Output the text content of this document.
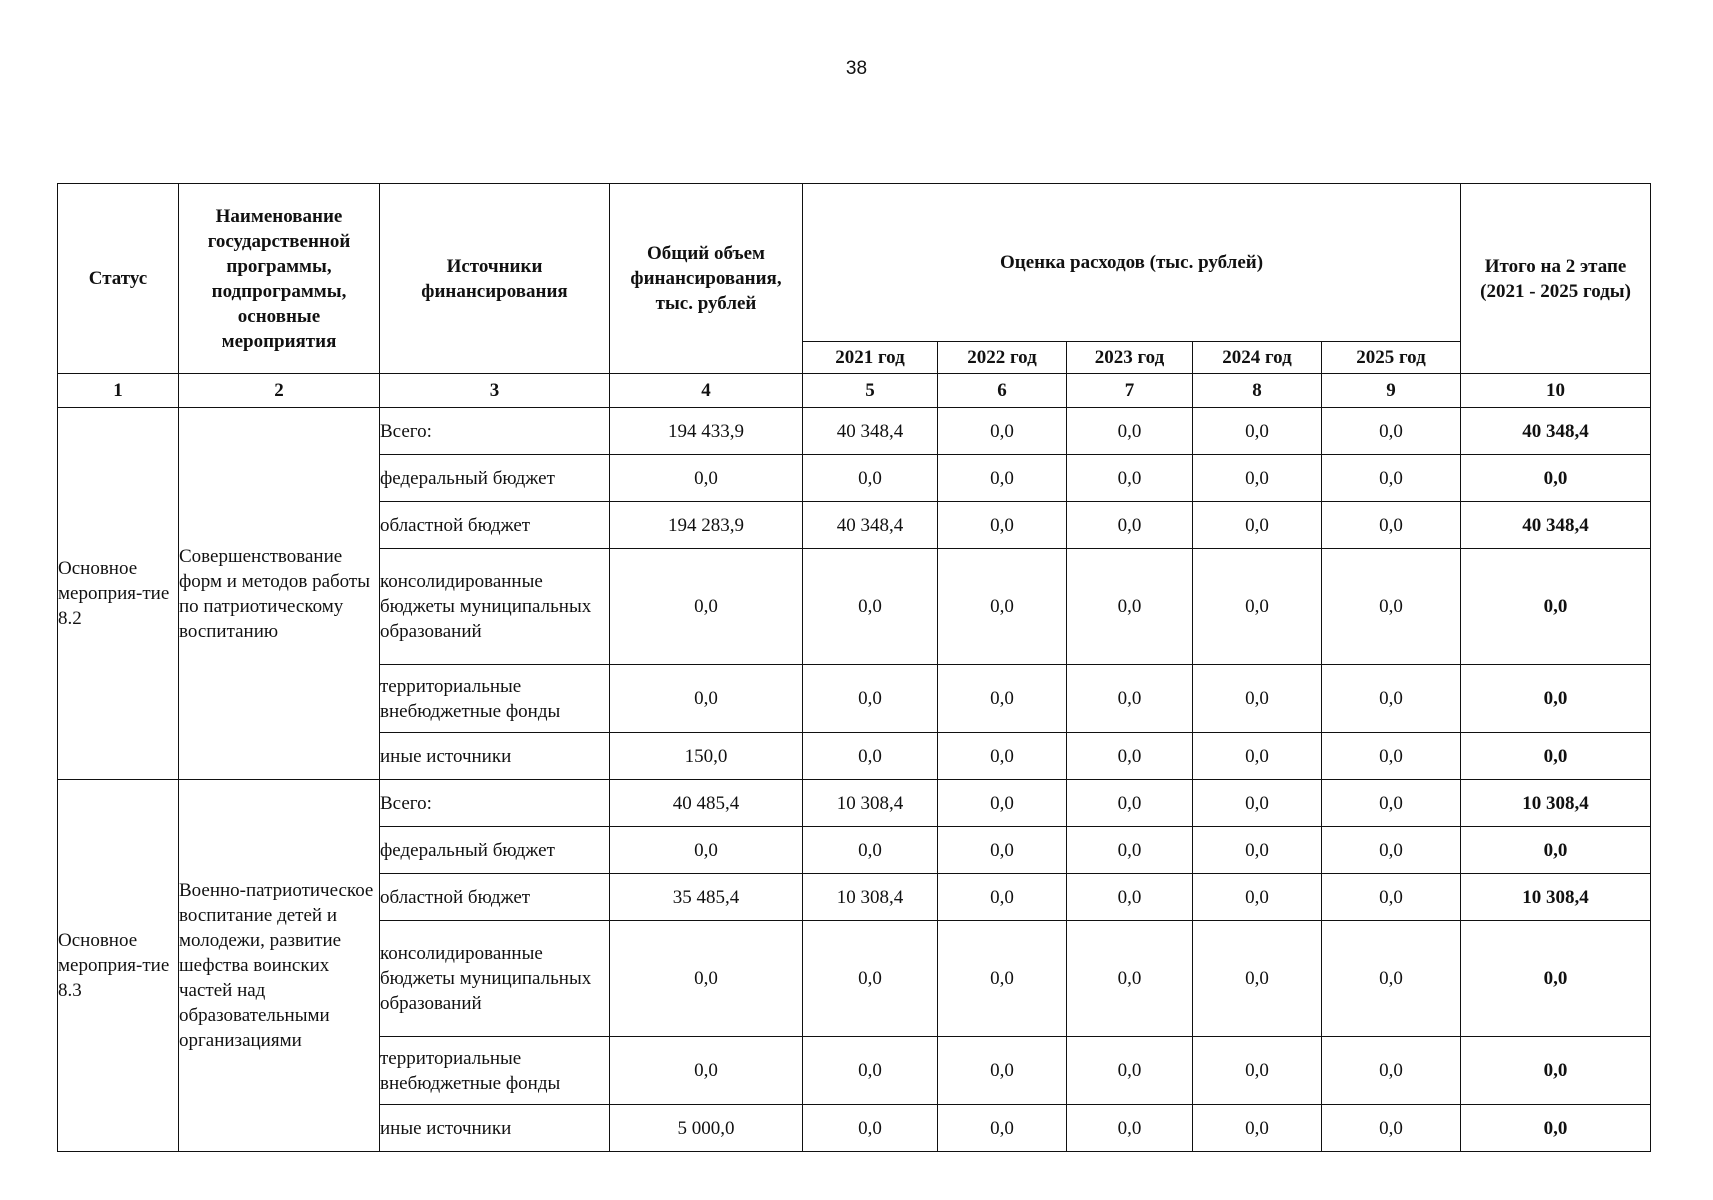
38
Статус	Наименование государственной программы, подпрограммы, основные мероприятия	Источники финансирования	Общий объем финансирования, тыс. рублей	Оценка расходов (тыс. рублей)					Итого на 2 этапе (2021 - 2025 годы)
				2021 год	2022 год	2023 год	2024 год	2025 год	
1	2	3	4	5	6	7	8	9	10
Основное мероприя-тие 8.2	Совершенствование форм и методов работы по патриотическому воспитанию	Всего:	194 433,9	40 348,4	0,0	0,0	0,0	0,0	40 348,4
		федеральный бюджет	0,0	0,0	0,0	0,0	0,0	0,0	0,0
		областной бюджет	194 283,9	40 348,4	0,0	0,0	0,0	0,0	40 348,4
		консолидированные бюджеты муниципальных образований	0,0	0,0	0,0	0,0	0,0	0,0	0,0
		территориальные внебюджетные фонды	0,0	0,0	0,0	0,0	0,0	0,0	0,0
		иные источники	150,0	0,0	0,0	0,0	0,0	0,0	0,0
Основное мероприя-тие 8.3	Военно-патриотическое воспитание детей и молодежи, развитие шефства воинских частей над образовательными организациями	Всего:	40 485,4	10 308,4	0,0	0,0	0,0	0,0	10 308,4
		федеральный бюджет	0,0	0,0	0,0	0,0	0,0	0,0	0,0
		областной бюджет	35 485,4	10 308,4	0,0	0,0	0,0	0,0	10 308,4
		консолидированные бюджеты муниципальных образований	0,0	0,0	0,0	0,0	0,0	0,0	0,0
		территориальные внебюджетные фонды	0,0	0,0	0,0	0,0	0,0	0,0	0,0
		иные источники	5 000,0	0,0	0,0	0,0	0,0	0,0	0,0
